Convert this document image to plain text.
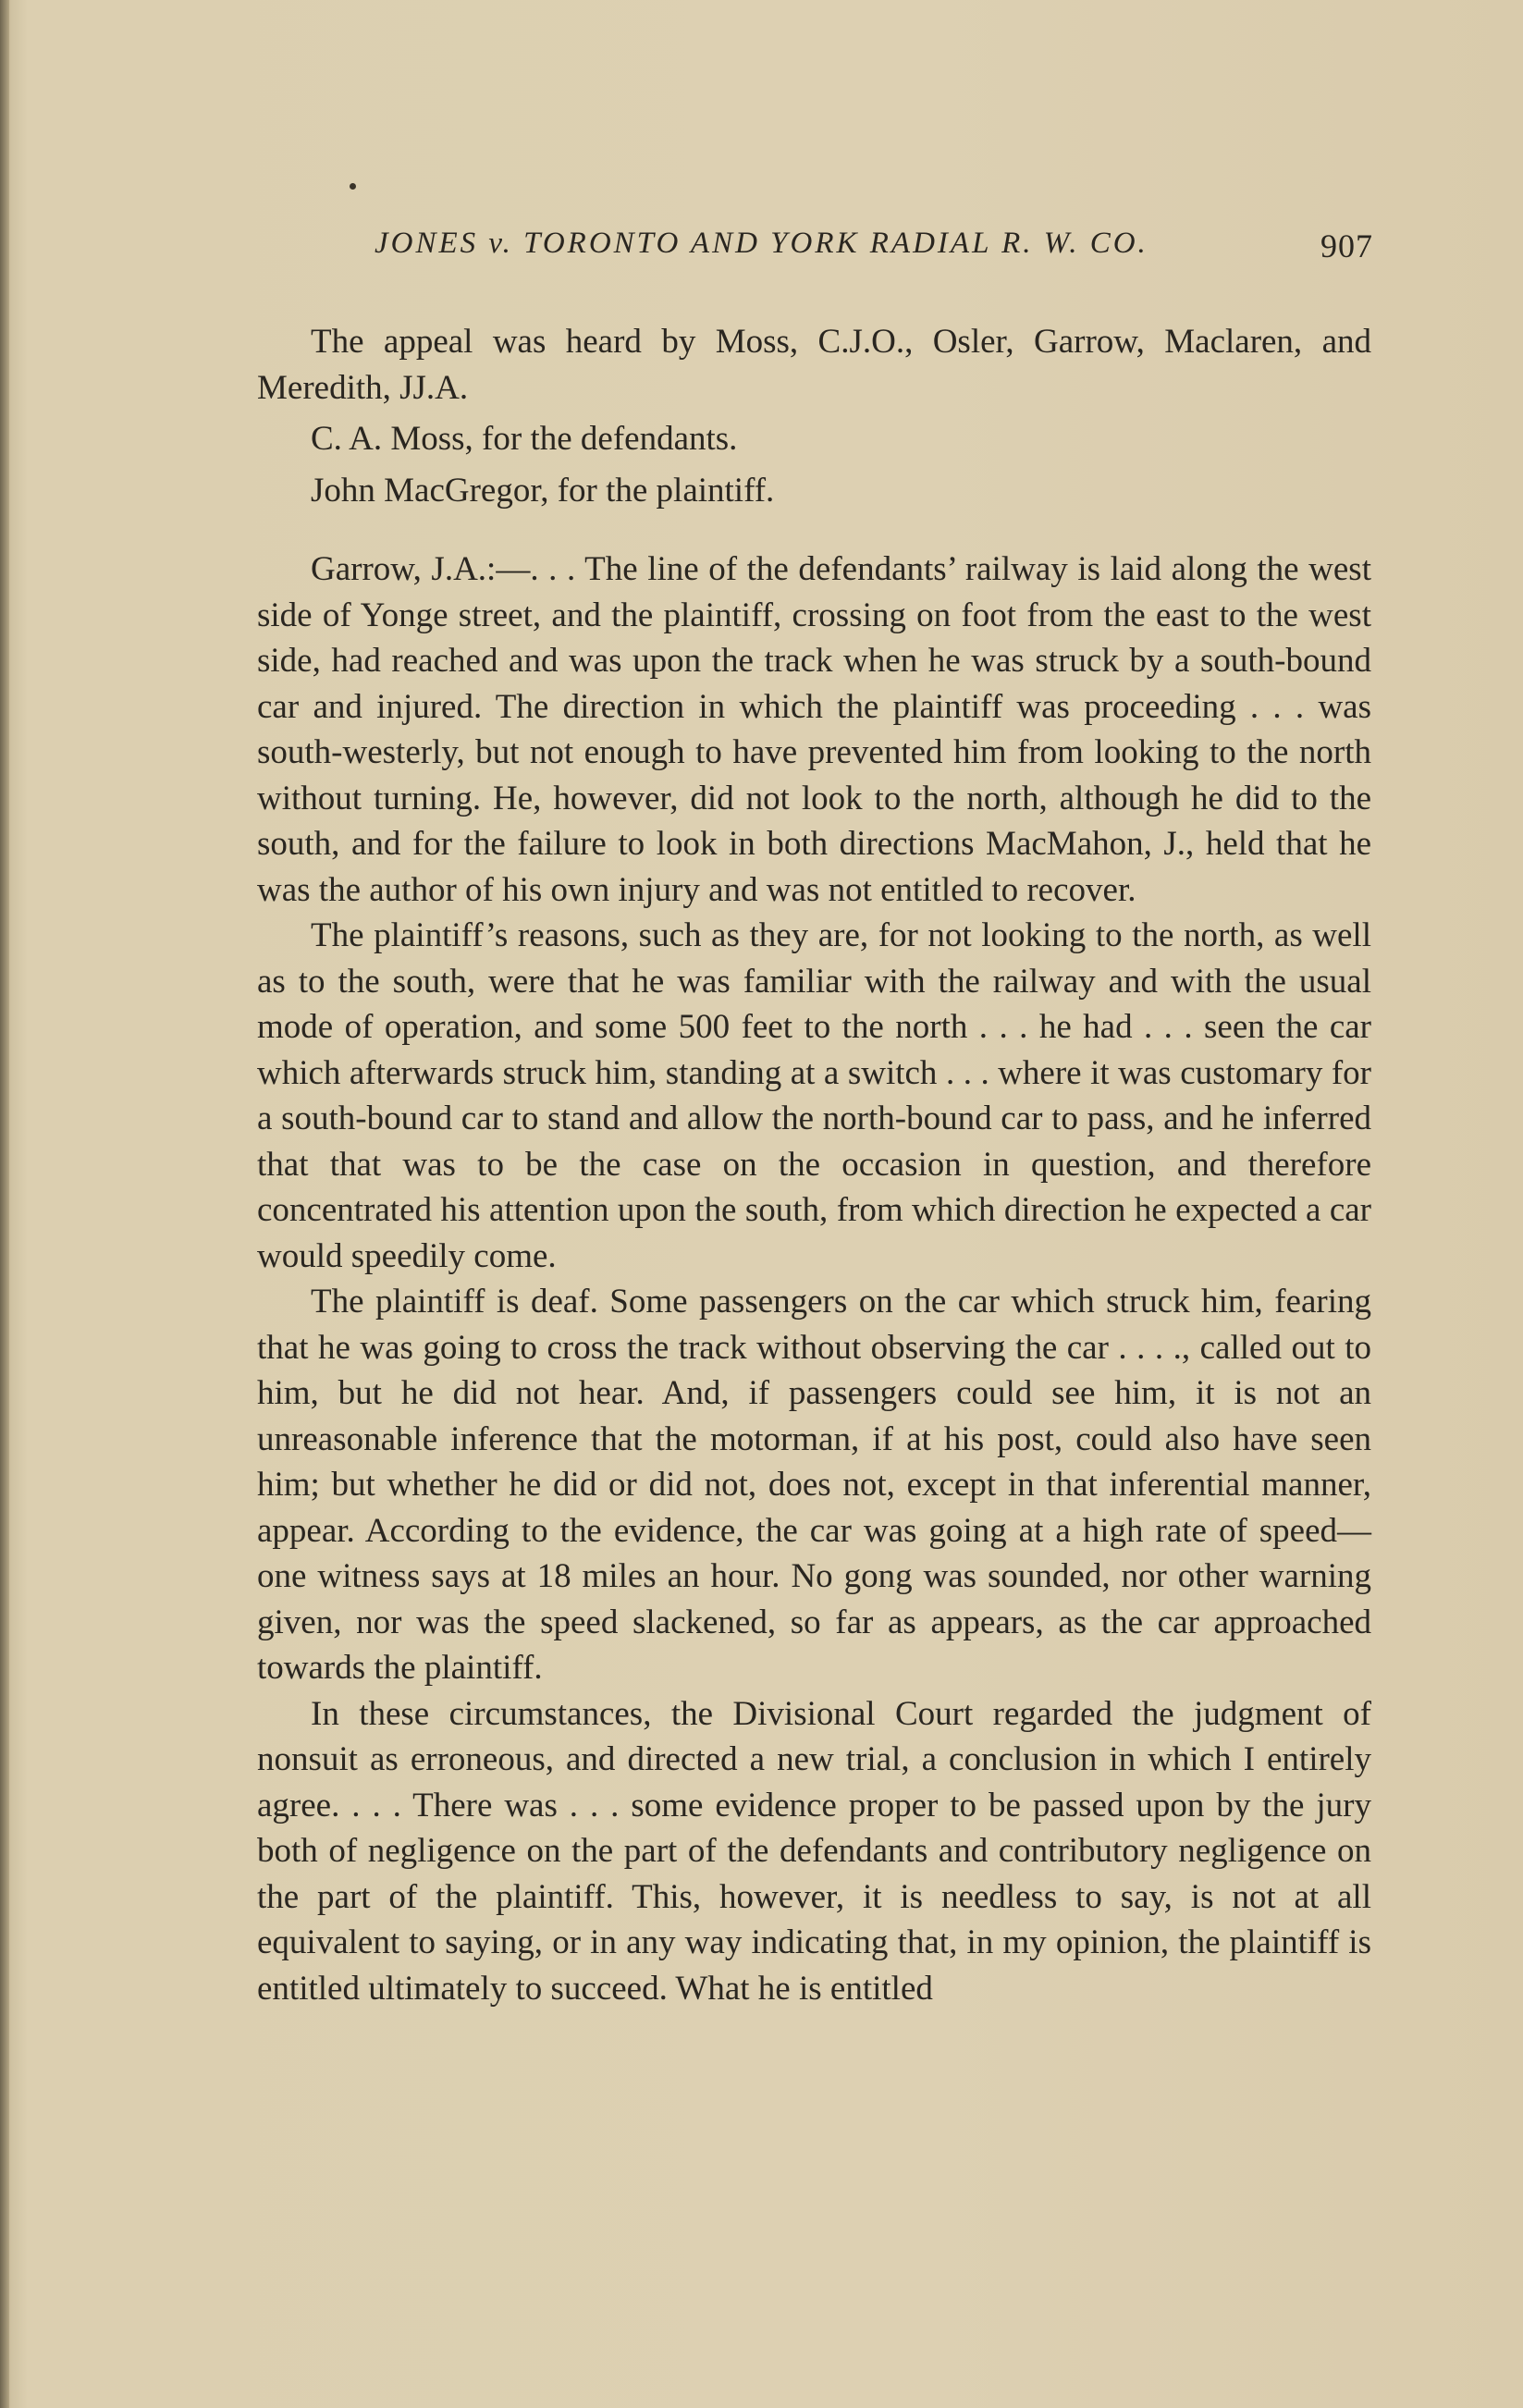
JONES v. TORONTO AND YORK RADIAL R. W. CO.	907

The appeal was heard by Moss, C.J.O., Osler, Garrow, Maclaren, and Meredith, JJ.A.

C. A. Moss, for the defendants.

John MacGregor, for the plaintiff.

Garrow, J.A.:—. . . The line of the defendants’ railway is laid along the west side of Yonge street, and the plaintiff, crossing on foot from the east to the west side, had reached and was upon the track when he was struck by a south-bound car and injured. The direction in which the plaintiff was proceeding . . . was south-westerly, but not enough to have prevented him from looking to the north without turning. He, however, did not look to the north, although he did to the south, and for the failure to look in both directions MacMahon, J., held that he was the author of his own injury and was not entitled to recover.

The plaintiff’s reasons, such as they are, for not looking to the north, as well as to the south, were that he was familiar with the railway and with the usual mode of operation, and some 500 feet to the north . . . he had . . . seen the car which afterwards struck him, standing at a switch . . . where it was customary for a south-bound car to stand and allow the north-bound car to pass, and he inferred that that was to be the case on the occasion in question, and therefore concentrated his attention upon the south, from which direction he expected a car would speedily come.

The plaintiff is deaf. Some passengers on the car which struck him, fearing that he was going to cross the track without observing the car . . . ., called out to him, but he did not hear. And, if passengers could see him, it is not an unreasonable inference that the motorman, if at his post, could also have seen him; but whether he did or did not, does not, except in that inferential manner, appear. According to the evidence, the car was going at a high rate of speed—one witness says at 18 miles an hour. No gong was sounded, nor other warning given, nor was the speed slackened, so far as appears, as the car approached towards the plaintiff.

In these circumstances, the Divisional Court regarded the judgment of nonsuit as erroneous, and directed a new trial, a conclusion in which I entirely agree. . . . There was . . . some evidence proper to be passed upon by the jury both of negligence on the part of the defendants and contributory negligence on the part of the plaintiff. This, however, it is needless to say, is not at all equivalent to saying, or in any way indicating that, in my opinion, the plaintiff is entitled ultimately to succeed. What he is entitled
